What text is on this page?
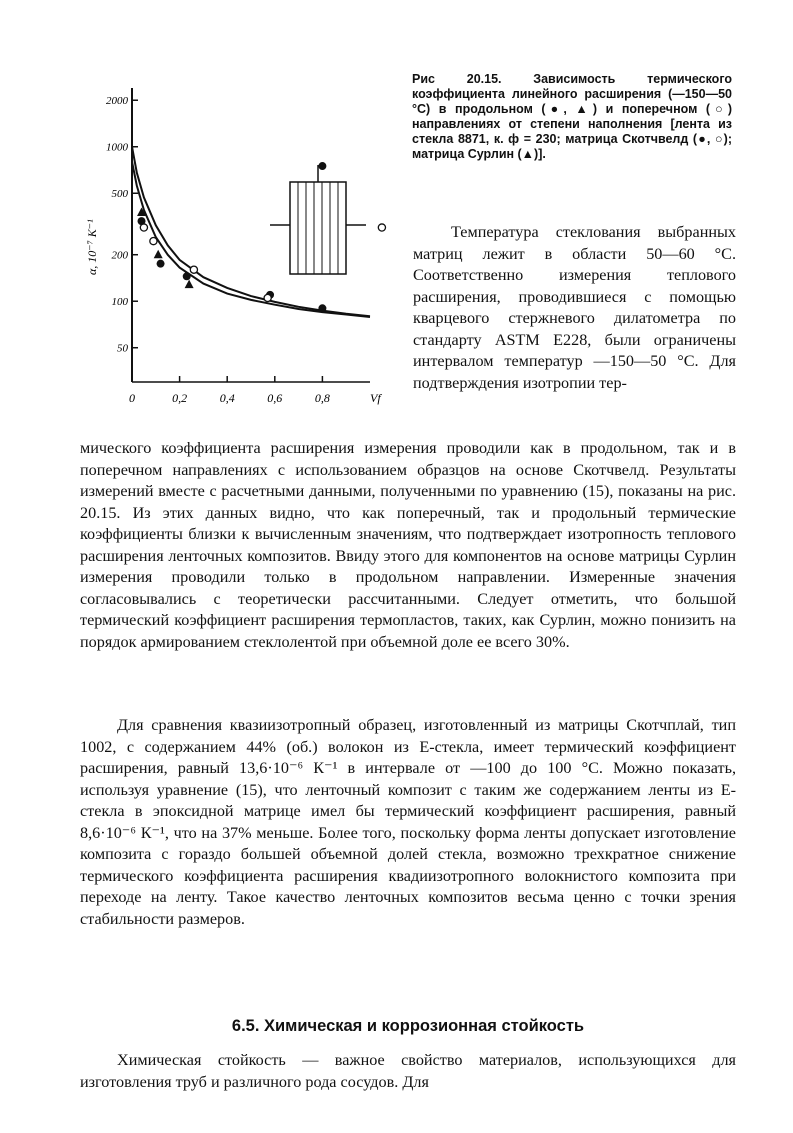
2000
1000
500
200
100
50
0	0,2	0,4	0,6	0,8
α, 10⁻⁷ К⁻¹
Vf
Рис 20.15. Зависимость термического коэффициента линейного расширения (—150—50 °С) в продольном (●, ▲) и поперечном (○) направлениях от степени наполнения [лента из стекла 8871, к. ф = 230; матрица Скотчвелд (●, ○); матрица Сурлин (▲)].

Температура стеклования выбранных матриц лежит в области 50—60 °С. Соответственно измерения теплового расширения, проводившиеся с помощью кварцевого стержневого дилатометра по стандарту ASTM E228, были ограничены интервалом температур —150—50 °С. Для подтверждения изотропии тер-

мического коэффициента расширения измерения проводили как в продольном, так и в поперечном направлениях с использованием образцов на основе Скотчвелд. Результаты измерений вместе с расчетными данными, полученными по уравнению (15), показаны на рис. 20.15. Из этих данных видно, что как поперечный, так и продольный термические коэффициенты близки к вычисленным значениям, что подтверждает изотропность теплового расширения ленточных композитов. Ввиду этого для компонентов на основе матрицы Сурлин измерения проводили только в продольном направлении. Измеренные значения согласовывались с теоретически рассчитанными. Следует отметить, что большой термический коэффициент расширения термопластов, таких, как Сурлин, можно понизить на порядок армированием стеклолентой при объемной доле ее всего 30%.

Для сравнения квазиизотропный образец, изготовленный из матрицы Скотчплай, тип 1002, с содержанием 44% (об.) волокон из Е-стекла, имеет термический коэффициент расширения, равный 13,6·10⁻⁶ К⁻¹ в интервале от —100 до 100 °С. Можно показать, используя уравнение (15), что ленточный композит с таким же содержанием ленты из Е-стекла в эпоксидной матрице имел бы термический коэффициент расширения, равный 8,6·10⁻⁶ К⁻¹, что на 37% меньше. Более того, поскольку форма ленты допускает изготовление композита с гораздо большей объемной долей стекла, возможно трехкратное снижение термического коэффициента расширения квадиизотропного волокнистого композита при переходе на ленту. Такое качество ленточных композитов весьма ценно с точки зрения стабильности размеров.

6.5. Химическая и коррозионная стойкость

Химическая стойкость — важное свойство материалов, использующихся для изготовления труб и различного рода сосудов. Для
